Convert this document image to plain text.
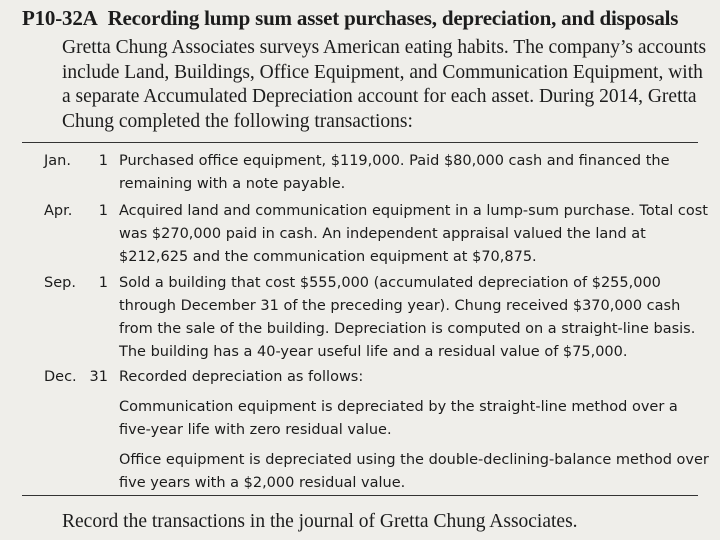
P10-32A Recording lump sum asset purchases, depreciation, and disposals
Gretta Chung Associates surveys American eating habits. The company’s accounts include Land, Buildings, Office Equipment, and Communication Equipment, with a separate Accumulated Depreciation account for each asset. During 2014, Gretta Chung completed the following transactions:
Jan. 1 Purchased office equipment, $119,000. Paid $80,000 cash and financed the remaining with a note payable.

Apr. 1 Acquired land and communication equipment in a lump-sum purchase. Total cost was $270,000 paid in cash. An independent appraisal valued the land at $212,625 and the communication equipment at $70,875.

Sep. 1 Sold a building that cost $555,000 (accumulated depreciation of $255,000 through December 31 of the preceding year). Chung received $370,000 cash from the sale of the building. Depreciation is computed on a straight-line basis. The building has a 40-year useful life and a residual value of $75,000.

Dec. 31 Recorded depreciation as follows:

Communication equipment is depreciated by the straight-line method over a five-year life with zero residual value.

Office equipment is depreciated using the double-declining-balance method over five years with a $2,000 residual value.

Record the transactions in the journal of Gretta Chung Associates.
